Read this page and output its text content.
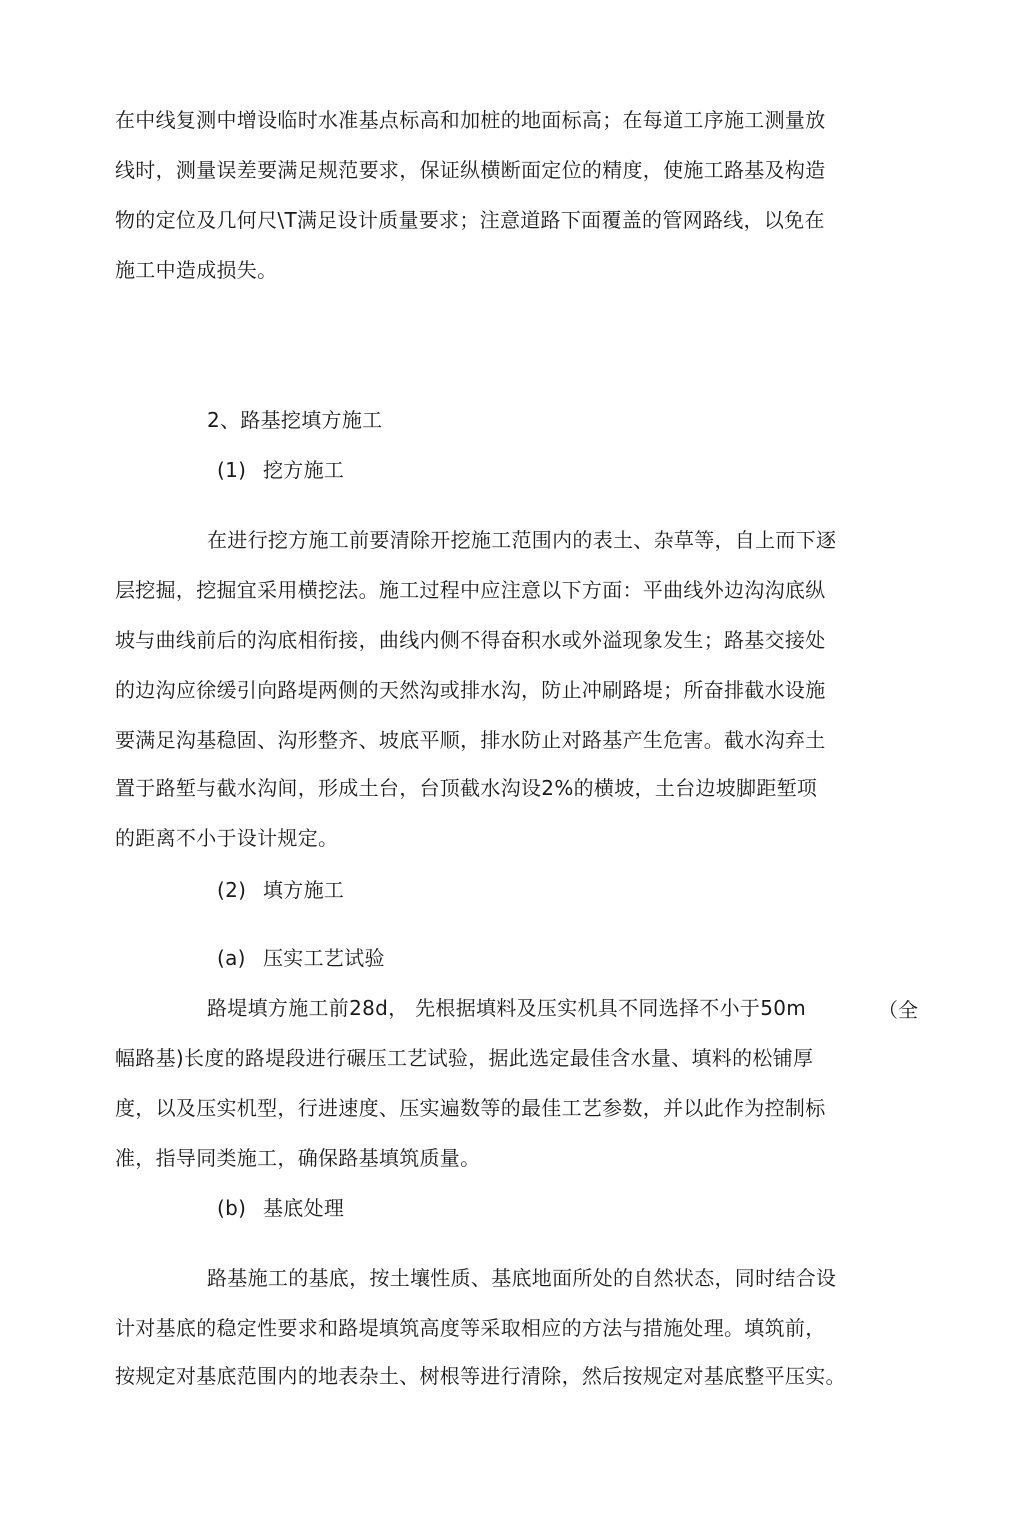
在中线复测中增设临时水准基点标高和加桩的地面标高；在每道工序施工测量放
线时，测量误差要满足规范要求，保证纵横断面定位的精度，使施工路基及构造
物的定位及几何尺\T满足设计质量要求；注意道路下面覆盖的管网路线，以免在
施工中造成损失。
2、路基挖填方施工
(1) 挖方施工
在进行挖方施工前要清除开挖施工范围内的表土、杂草等，自上而下逐
层挖掘，挖掘宜采用横挖法。施工过程中应注意以下方面：平曲线外边沟沟底纵
坡与曲线前后的沟底相衔接，曲线内侧不得奋积水或外溢现象发生；路基交接处
的边沟应徐缓引向路堤两侧的天然沟或排水沟，防止冲刷路堤；所奋排截水设施
要满足沟基稳固、沟形整齐、坡底平顺，排水防止对路基产生危害。截水沟弃土
置于路堑与截水沟间，形成土台，台顶截水沟设2%的横坡，土台边坡脚距堑项
的距离不小于设计规定。
(2) 填方施工
(a) 压实工艺试验
路堤填方施工前28d， 先根据填料及压实机具不同选择不小于50m	（全
幅路基)长度的路堤段进行碾压工艺试验，据此选定最佳含水量、填料的松铺厚
度，以及压实机型，行进速度、压实遍数等的最佳工艺参数，并以此作为控制标
准，指导同类施工，确保路基填筑质量。
(b) 基底处理
路基施工的基底，按土壤性质、基底地面所处的自然状态，同时结合设
计对基底的稳定性要求和路堤填筑高度等采取相应的方法与措施处理。填筑前，
按规定对基底范围内的地表杂土、树根等进行清除，然后按规定对基底整平压实。
